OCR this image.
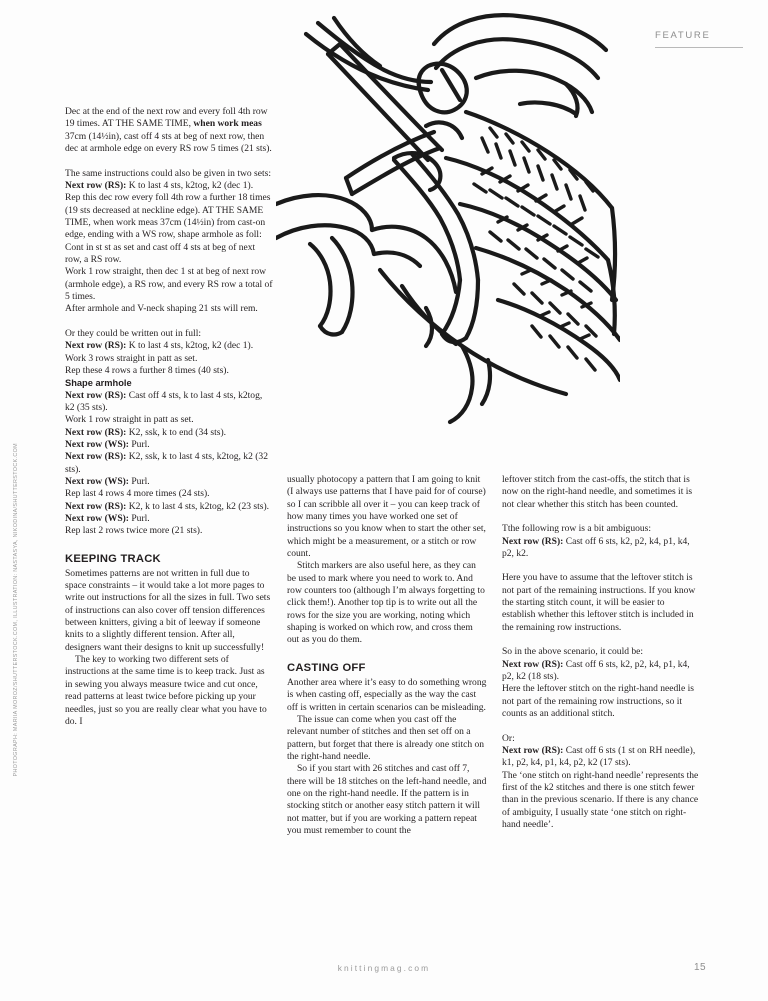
FEATURE
PHOTOGRAPH: MARIIA MOROZ/SHUTTERSTOCK.COM, ILLUSTRATION: NASTASYA, NIKODINA/SHUTTERSTOCK.COM

Dec at the end of the next row and every foll 4th row 19 times. AT THE SAME TIME, when work meas 37cm (14½in), cast off 4 sts at beg of next row, then dec at armhole edge on every RS row 5 times (21 sts).

The same instructions could also be given in two sets:

Next row (RS): K to last 4 sts, k2tog, k2 (dec 1).

Rep this dec row every foll 4th row a further 18 times (19 sts decreased at neckline edge). AT THE SAME TIME, when work meas 37cm (14½in) from cast-on edge, ending with a WS row, shape armhole as foll:

Cont in st st as set and cast off 4 sts at beg of next row, a RS row.

Work 1 row straight, then dec 1 st at beg of next row (armhole edge), a RS row, and every RS row a total of 5 times.

After armhole and V-neck shaping 21 sts will rem.

Or they could be written out in full:

Next row (RS): K to last 4 sts, k2tog, k2 (dec 1).

Work 3 rows straight in patt as set.

Rep these 4 rows a further 8 times (40 sts).

Shape armhole

Next row (RS): Cast off 4 sts, k to last 4 sts, k2tog, k2 (35 sts).

Work 1 row straight in patt as set.

Next row (RS): K2, ssk, k to end (34 sts).

Next row (WS): Purl.

Next row (RS): K2, ssk, k to last 4 sts, k2tog, k2 (32 sts).

Next row (WS): Purl.

Rep last 4 rows 4 more times (24 sts).

Next row (RS): K2, k to last 4 sts, k2tog, k2 (23 sts).

Next row (WS): Purl.

Rep last 2 rows twice more (21 sts).

KEEPING TRACK

Sometimes patterns are not written in full due to space constraints – it would take a lot more pages to write out instructions for all the sizes in full. Two sets of instructions can also cover off tension differences between knitters, giving a bit of leeway if someone knits to a slightly different tension. After all, designers want their designs to knit up successfully!

The key to working two different sets of instructions at the same time is to keep track. Just as in sewing you always measure twice and cut once, read patterns at least twice before picking up your needles, just so you are really clear what you have to do. I

usually photocopy a pattern that I am going to knit (I always use patterns that I have paid for of course) so I can scribble all over it – you can keep track of how many times you have worked one set of instructions so you know when to start the other set, which might be a measurement, or a stitch or row count.

Stitch markers are also useful here, as they can be used to mark where you need to work to. And row counters too (although I’m always forgetting to click them!). Another top tip is to write out all the rows for the size you are working, noting which shaping is worked on which row, and cross them out as you do them.

CASTING OFF

Another area where it’s easy to do something wrong is when casting off, especially as the way the cast off is written in certain scenarios can be misleading.

The issue can come when you cast off the relevant number of stitches and then set off on a pattern, but forget that there is already one stitch on the right-hand needle.

So if you start with 26 stitches and cast off 7, there will be 18 stitches on the left-hand needle, and one on the right-hand needle. If the pattern is in stocking stitch or another easy stitch pattern it will not matter, but if you are working a pattern repeat you must remember to count the

leftover stitch from the cast-offs, the stitch that is now on the right-hand needle, and sometimes it is not clear whether this stitch has been counted.

Tthe following row is a bit ambiguous:

Next row (RS): Cast off 6 sts, k2, p2, k4, p1, k4, p2, k2.

Here you have to assume that the leftover stitch is not part of the remaining instructions. If you know the starting stitch count, it will be easier to establish whether this leftover stitch is included in the remaining row instructions.

So in the above scenario, it could be:

Next row (RS): Cast off 6 sts, k2, p2, k4, p1, k4, p2, k2 (18 sts).

Here the leftover stitch on the right-hand needle is not part of the remaining row instructions, so it counts as an additional stitch.

Or:

Next row (RS): Cast off 6 sts (1 st on RH needle), k1, p2, k4, p1, k4, p2, k2 (17 sts).

The ‘one stitch on right-hand needle’ represents the first of the k2 stitches and there is one stitch fewer than in the previous scenario. If there is any chance of ambiguity, I usually state ‘one stitch on right-hand needle’.

knittingmag.com	15
